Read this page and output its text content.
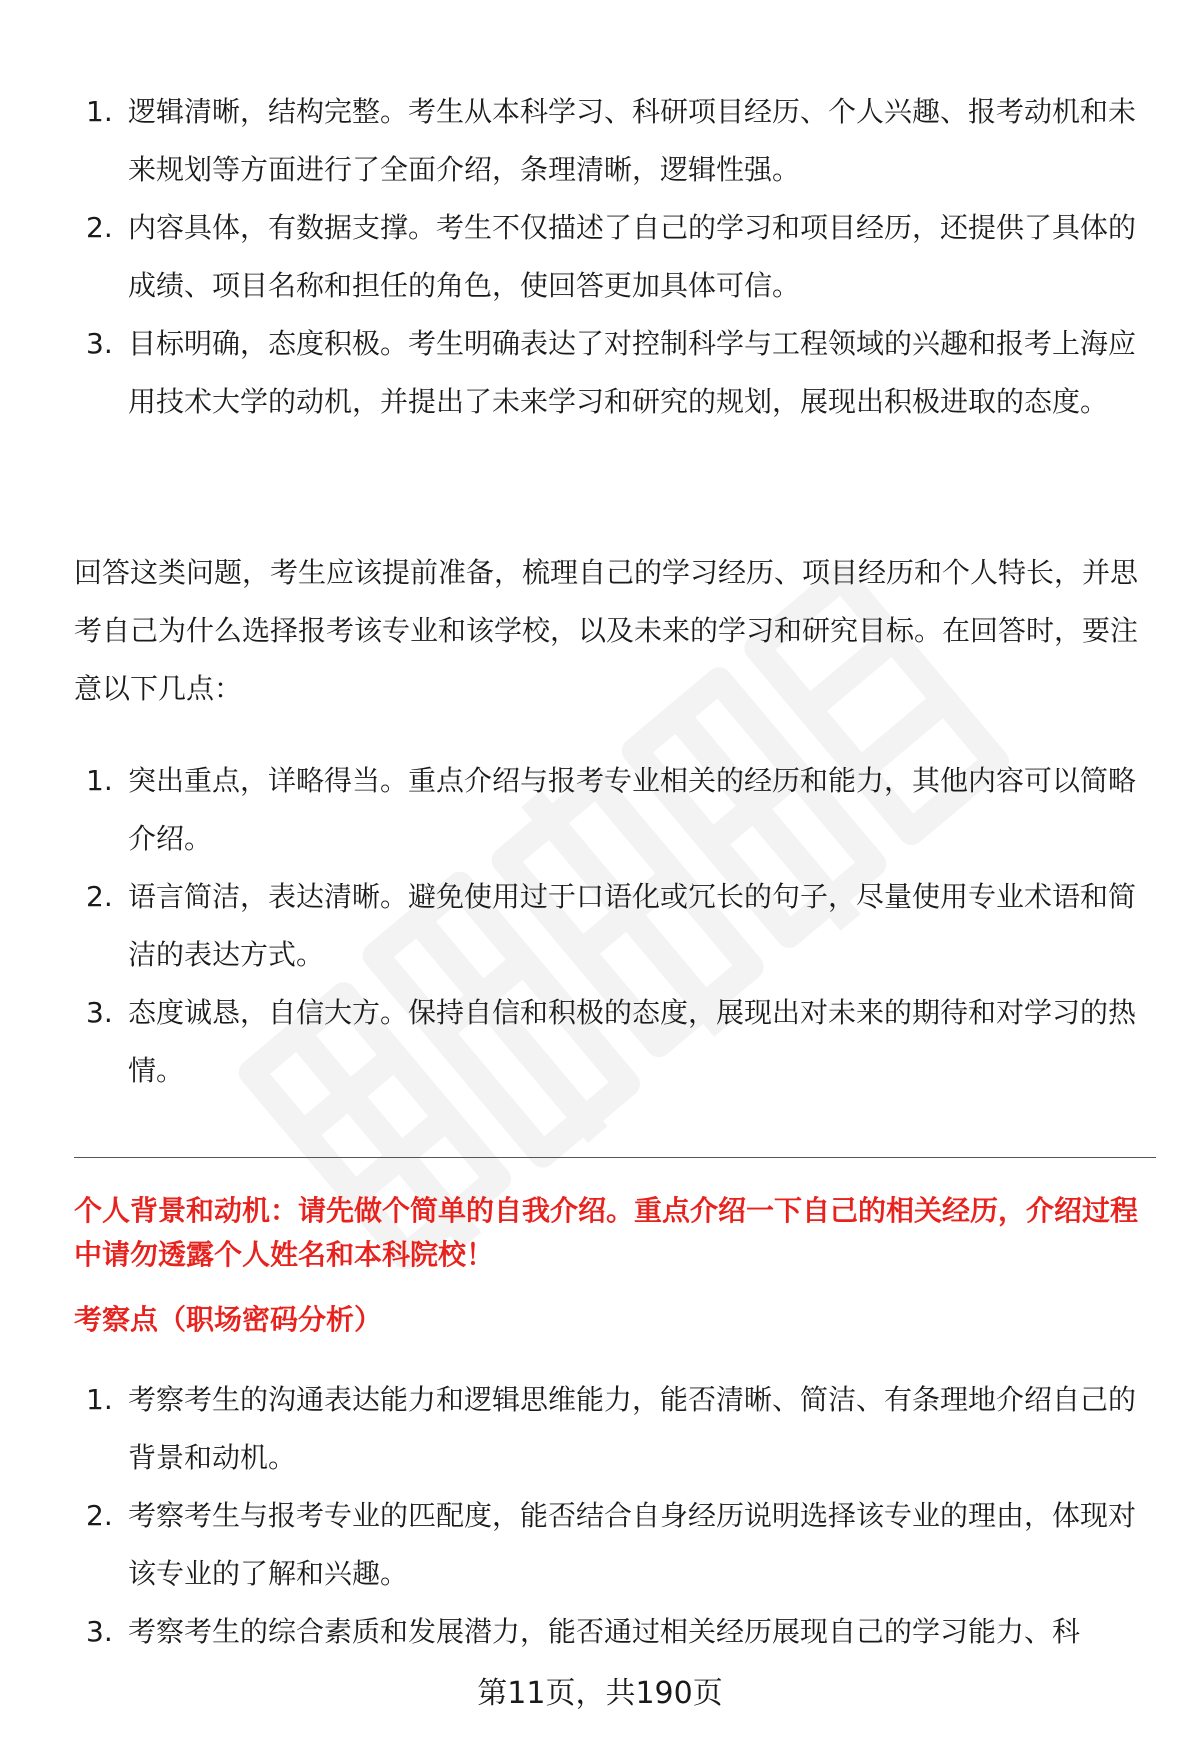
1. 逻辑清晰，结构完整。考生从本科学习、科研项目经历、个人兴趣、报考动机和未来规划等方面进行了全面介绍，条理清晰，逻辑性强。
2. 内容具体，有数据支撑。考生不仅描述了自己的学习和项目经历，还提供了具体的成绩、项目名称和担任的角色，使回答更加具体可信。
3. 目标明确，态度积极。考生明确表达了对控制科学与工程领域的兴趣和报考上海应用技术大学的动机，并提出了未来学习和研究的规划，展现出积极进取的态度。

回答这类问题，考生应该提前准备，梳理自己的学习经历、项目经历和个人特长，并思考自己为什么选择报考该专业和该学校，以及未来的学习和研究目标。在回答时，要注意以下几点：

1. 突出重点，详略得当。重点介绍与报考专业相关的经历和能力，其他内容可以简略介绍。
2. 语言简洁，表达清晰。避免使用过于口语化或冗长的句子，尽量使用专业术语和简洁的表达方式。
3. 态度诚恳，自信大方。保持自信和积极的态度，展现出对未来的期待和对学习的热情。

个人背景和动机：请先做个简单的自我介绍。重点介绍一下自己的相关经历，介绍过程中请勿透露个人姓名和本科院校！

考察点（职场密码分析）

1. 考察考生的沟通表达能力和逻辑思维能力，能否清晰、简洁、有条理地介绍自己的背景和动机。
2. 考察考生与报考专业的匹配度，能否结合自身经历说明选择该专业的理由，体现对该专业的了解和兴趣。
3. 考察考生的综合素质和发展潜力，能否通过相关经历展现自己的学习能力、科
第11页，共190页
